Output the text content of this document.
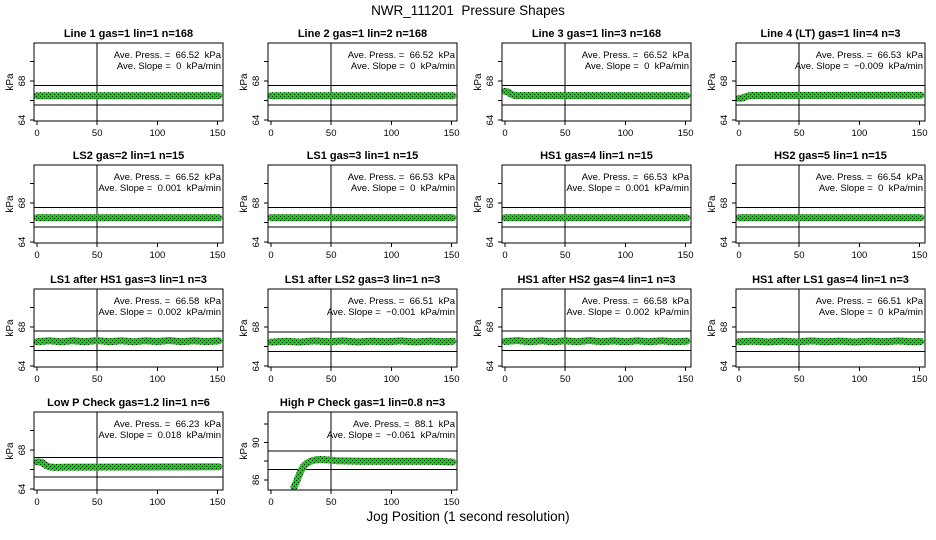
NWR_111201  Pressure Shapes
Line 1 gas=1 lin=1 n=168
68
64
kPa
0	50	100	150
Ave. Press. =  66.52  kPa
Ave. Slope =  0  kPa/min
Line 2 gas=1 lin=2 n=168
68
64
kPa
0	50	100	150
Ave. Press. =  66.52  kPa
Ave. Slope =  0  kPa/min
Line 3 gas=1 lin=3 n=168
68
64
kPa
0	50	100	150
Ave. Press. =  66.52  kPa
Ave. Slope =  0  kPa/min
Line 4 (LT) gas=1 lin=4 n=3
68
64
kPa
0	50	100	150
Ave. Press. =  66.53  kPa
Ave. Slope =  −0.009  kPa/min
LS2 gas=2 lin=1 n=15
68
64
kPa
0	50	100	150
Ave. Press. =  66.52  kPa
Ave. Slope =  0.001  kPa/min
LS1 gas=3 lin=1 n=15
68
64
kPa
0	50	100	150
Ave. Press. =  66.53  kPa
Ave. Slope =  0  kPa/min
HS1 gas=4 lin=1 n=15
68
64
kPa
0	50	100	150
Ave. Press. =  66.53  kPa
Ave. Slope =  0.001  kPa/min
HS2 gas=5 lin=1 n=15
68
64
kPa
0	50	100	150
Ave. Press. =  66.54  kPa
Ave. Slope =  0  kPa/min
LS1 after HS1 gas=3 lin=1 n=3
68
64
kPa
0	50	100	150
Ave. Press. =  66.58  kPa
Ave. Slope =  0.002  kPa/min
LS1 after LS2 gas=3 lin=1 n=3
68
64
kPa
0	50	100	150
Ave. Press. =  66.51  kPa
Ave. Slope =  −0.001  kPa/min
HS1 after HS2 gas=4 lin=1 n=3
68
64
kPa
0	50	100	150
Ave. Press. =  66.58  kPa
Ave. Slope =  0.002  kPa/min
HS1 after LS1 gas=4 lin=1 n=3
68
64
kPa
0	50	100	150
Ave. Press. =  66.51  kPa
Ave. Slope =  0  kPa/min
Low P Check gas=1.2 lin=1 n=6
68
64
kPa
0	50	100	150
Ave. Press. =  66.23  kPa
Ave. Slope =  0.018  kPa/min
High P Check gas=1 lin=0.8 n=3
90
86
kPa
0	50	100	150
Ave. Press. =  88.1  kPa
Ave. Slope =  −0.061  kPa/min
Jog Position (1 second resolution)
